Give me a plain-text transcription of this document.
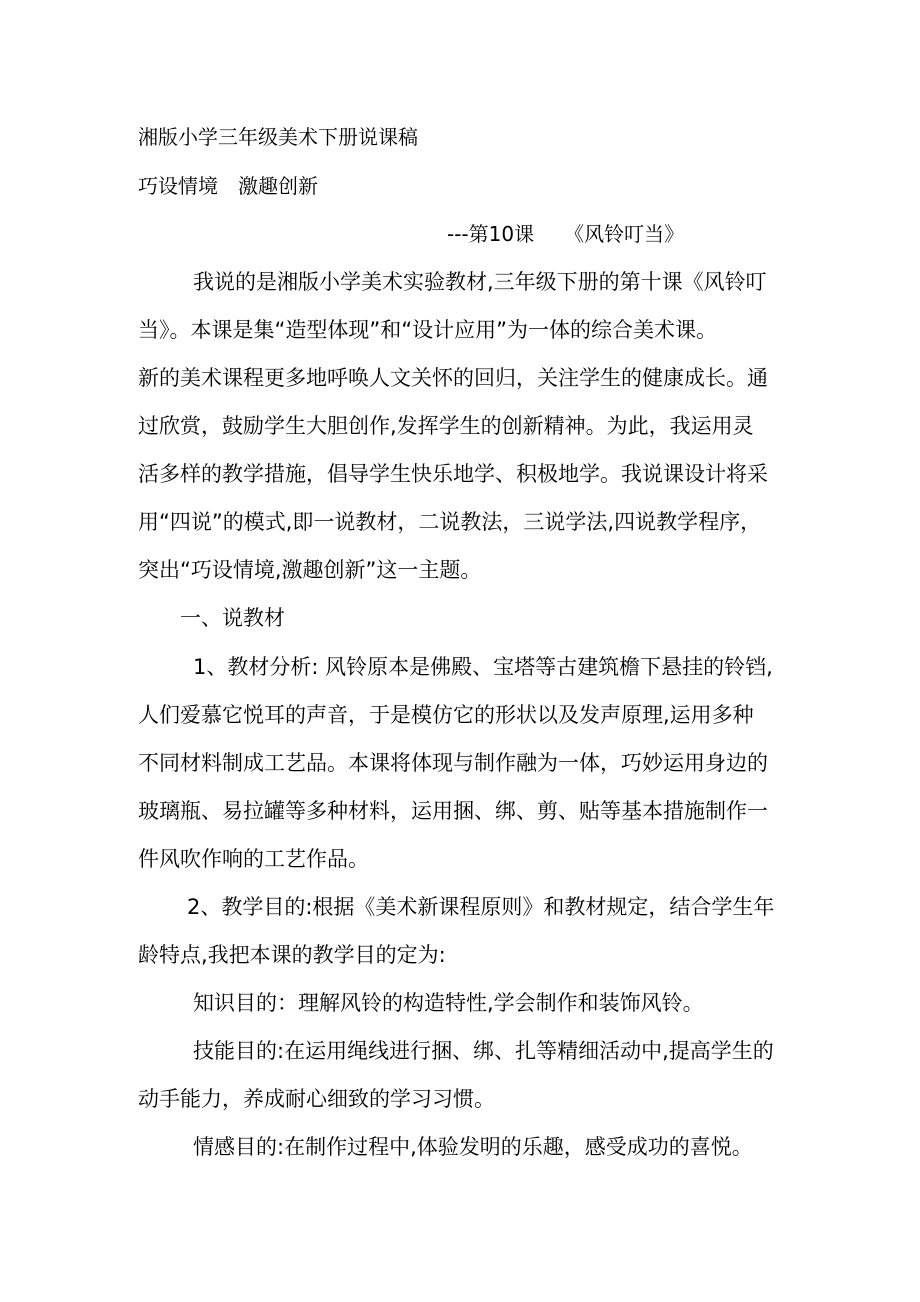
湘版小学三年级美术下册说课稿
巧设情境　激趣创新
---第10课　　《风铃叮当》
我说的是湘版小学美术实验教材,三年级下册的第十课《风铃叮
当》。本课是集“造型体现”和“设计应用”为一体的综合美术课。
新的美术课程更多地呼唤人文关怀的回归，关注学生的健康成长。通
过欣赏，鼓励学生大胆创作,发挥学生的创新精神。为此，我运用灵
活多样的教学措施，倡导学生快乐地学、积极地学。我说课设计将采
用“四说”的模式,即一说教材，二说教法，三说学法,四说教学程序，
突出“巧设情境,激趣创新”这一主题。
一、说教材
1、教材分析: 风铃原本是佛殿、宝塔等古建筑檐下悬挂的铃铛,
人们爱慕它悦耳的声音，于是模仿它的形状以及发声原理,运用多种
不同材料制成工艺品。本课将体现与制作融为一体，巧妙运用身边的
玻璃瓶、易拉罐等多种材料，运用捆、绑、剪、贴等基本措施制作一
件风吹作响的工艺作品。
2、教学目的:根据《美术新课程原则》和教材规定，结合学生年
龄特点,我把本课的教学目的定为:
知识目的：理解风铃的构造特性,学会制作和装饰风铃。
技能目的:在运用绳线进行捆、绑、扎等精细活动中,提高学生的
动手能力，养成耐心细致的学习习惯。
情感目的:在制作过程中,体验发明的乐趣，感受成功的喜悦。
